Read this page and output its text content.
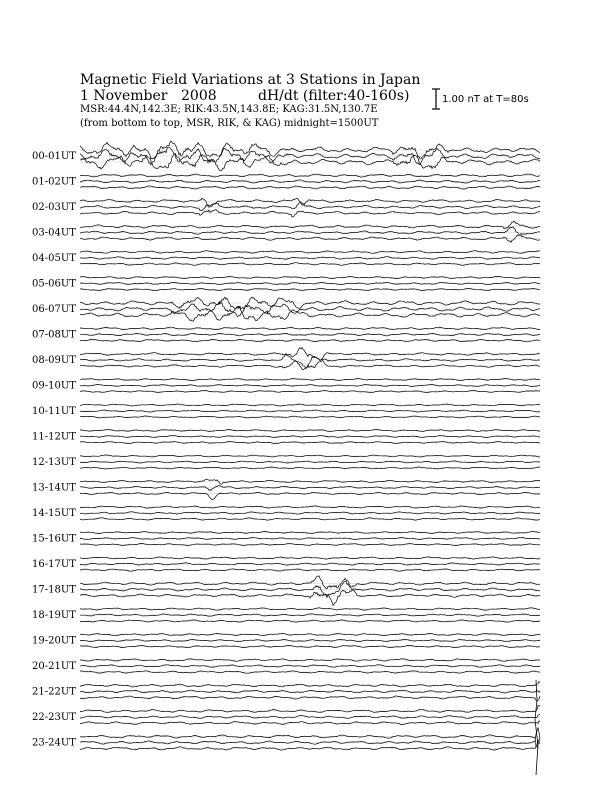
Magnetic Field Variations at 3 Stations in Japan
1 November 2008	dH/dt (filter:40-160s)
MSR:44.4N,142.3E; RIK:43.5N,143.8E; KAG:31.5N,130.7E
(from bottom to top, MSR, RIK, & KAG) midnight=1500UT
1.00 nT at T=80s
00-01UT
01-02UT
02-03UT
03-04UT
04-05UT
05-06UT
06-07UT
07-08UT
08-09UT
09-10UT
10-11UT
11-12UT
12-13UT
13-14UT
14-15UT
15-16UT
16-17UT
17-18UT
18-19UT
19-20UT
20-21UT
21-22UT
22-23UT
23-24UT
